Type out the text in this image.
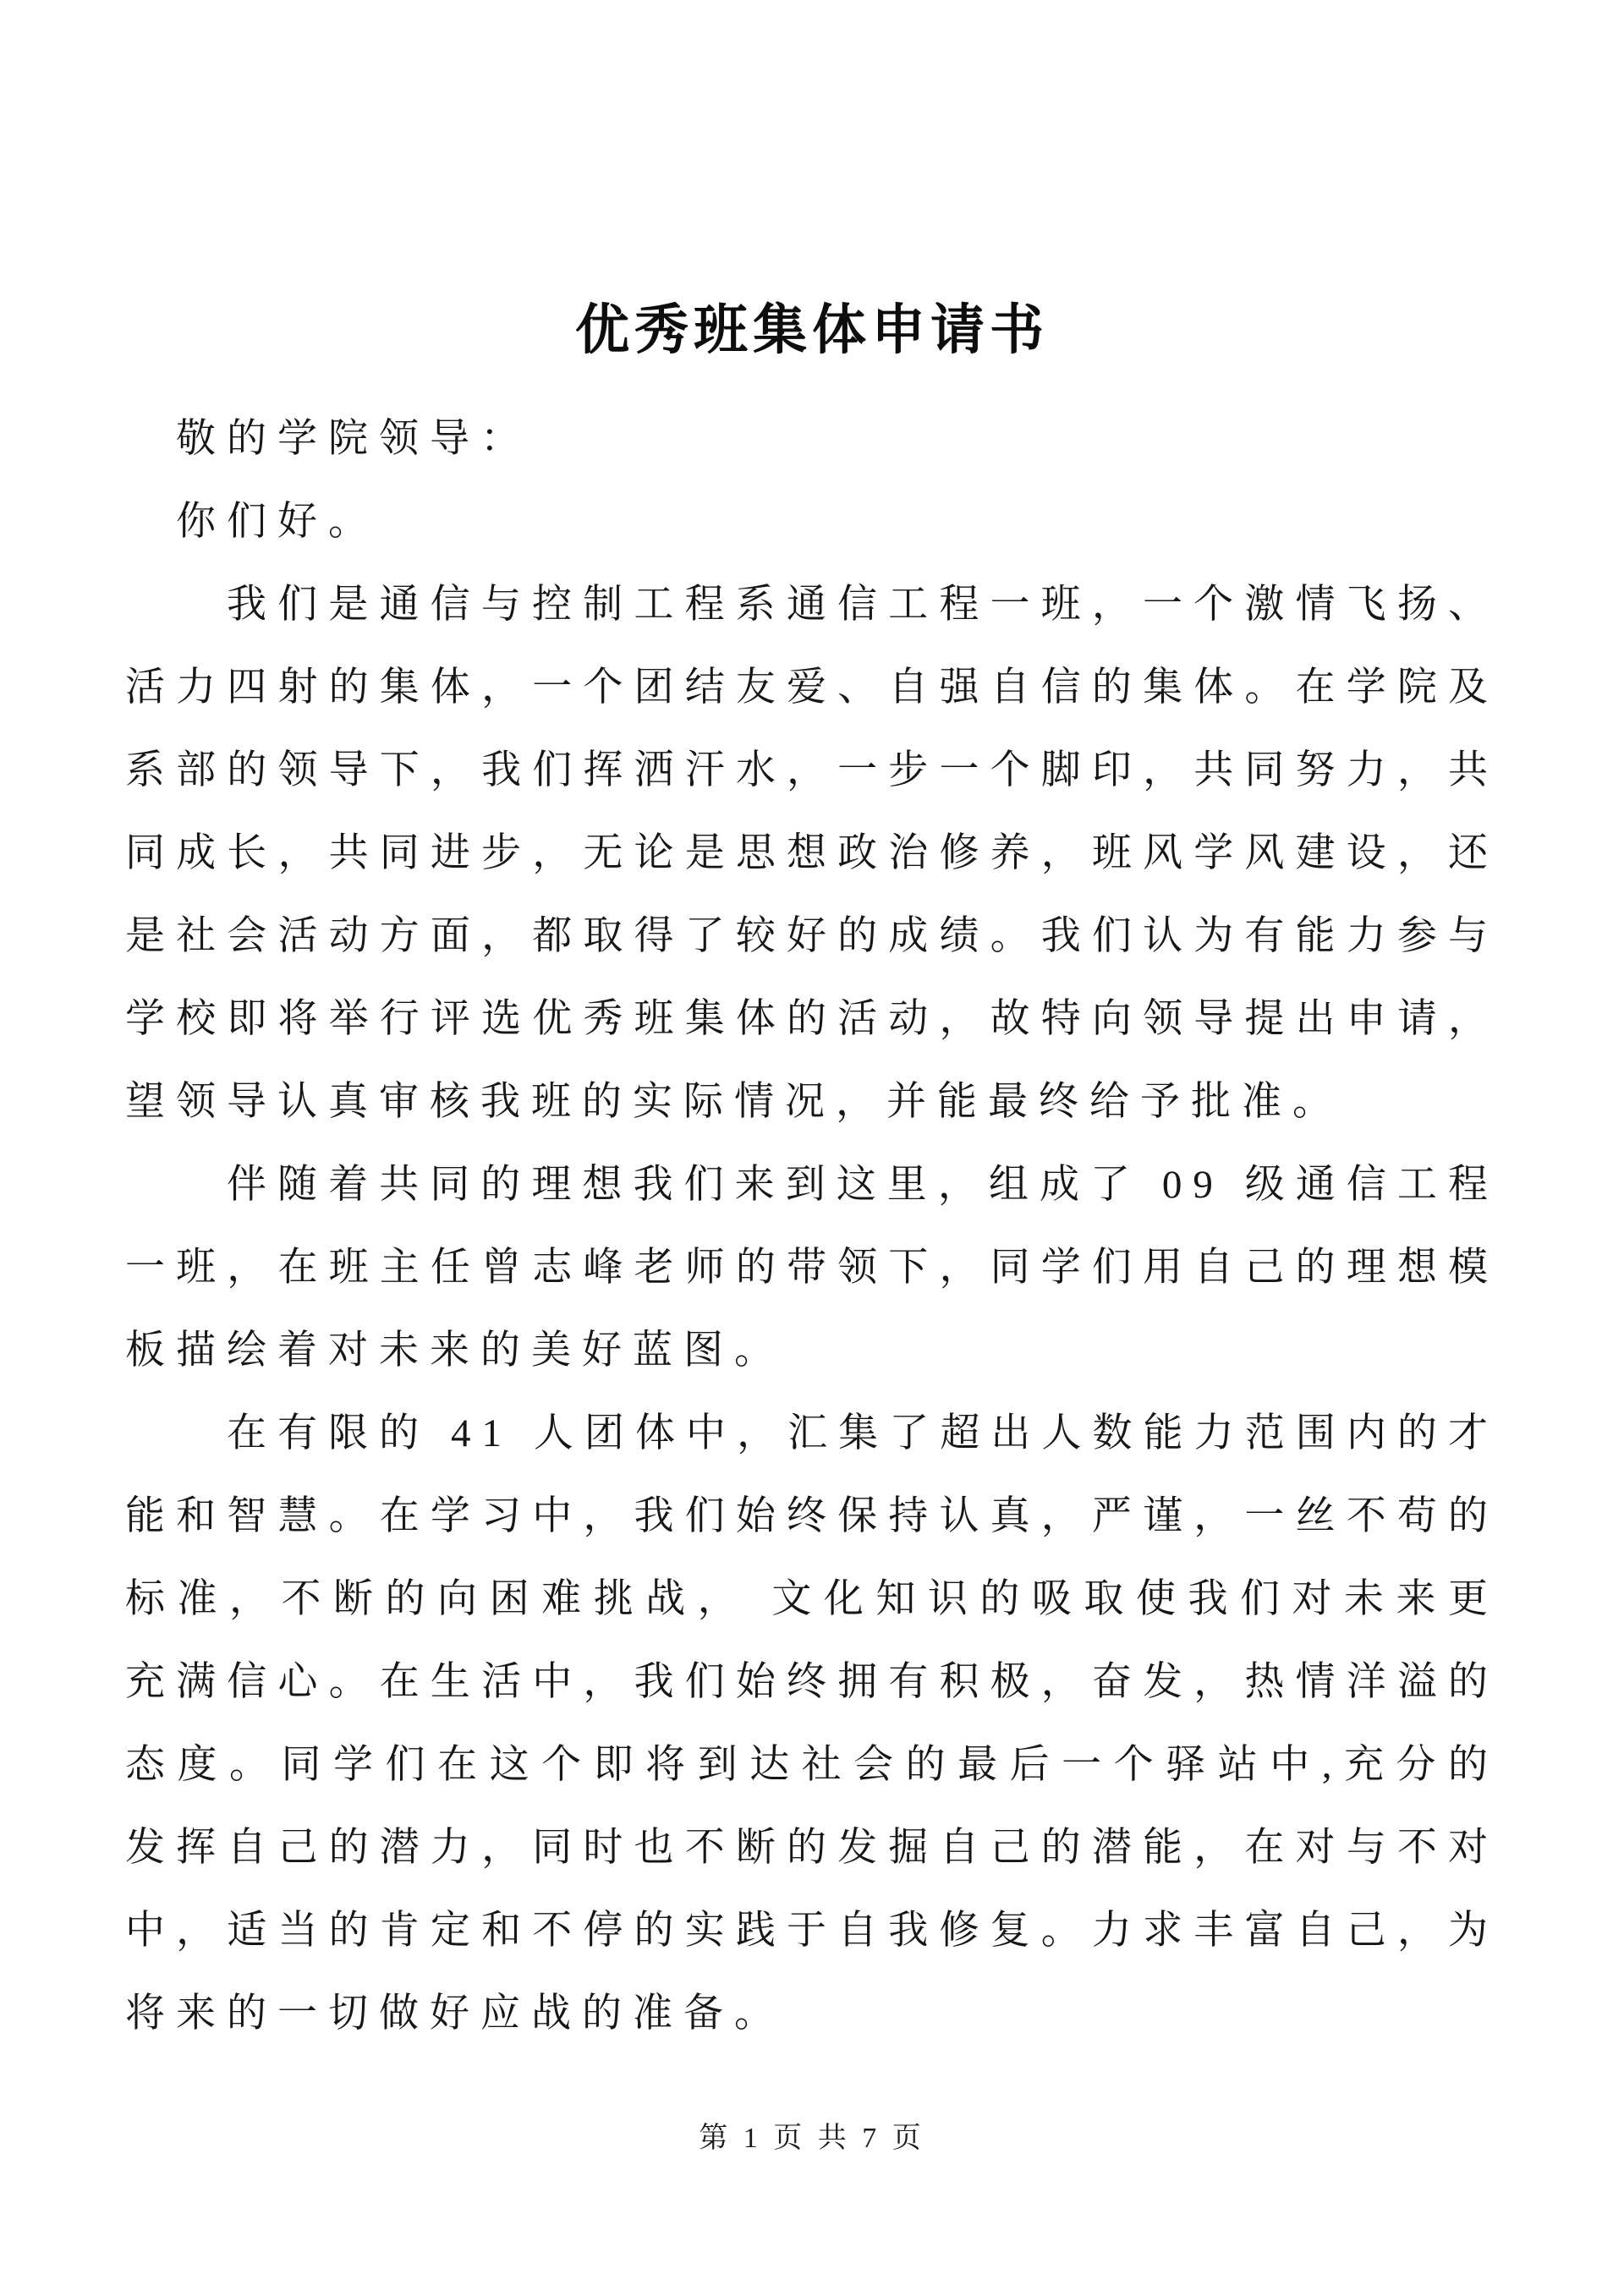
优秀班集体申请书

敬的学院领导：

你们好。

我们是通信与控制工程系通信工程一班，一个激情飞扬、活力四射的集体，一个团结友爱、自强自信的集体。在学院及系部的领导下，我们挥洒汗水，一步一个脚印，共同努力，共同成长，共同进步，无论是思想政治修养，班风学风建设，还是社会活动方面，都取得了较好的成绩。我们认为有能力参与学校即将举行评选优秀班集体的活动，故特向领导提出申请，望领导认真审核我班的实际情况，并能最终给予批准。

伴随着共同的理想我们来到这里，组成了 09 级通信工程一班，在班主任曾志峰老师的带领下，同学们用自己的理想模板描绘着对未来的美好蓝图。

在有限的 41 人团体中，汇集了超出人数能力范围内的才能和智慧。在学习中，我们始终保持认真，严谨，一丝不苟的标准，不断的向困难挑战， 文化知识的吸取使我们对未来更充满信心。在生活中，我们始终拥有积极，奋发，热情洋溢的态度。同学们在这个即将到达社会的最后一个驿站中,充分的发挥自己的潜力，同时也不断的发掘自己的潜能，在对与不对中，适当的肯定和不停的实践于自我修复。力求丰富自己，为将来的一切做好应战的准备。

第 1 页 共 7 页
